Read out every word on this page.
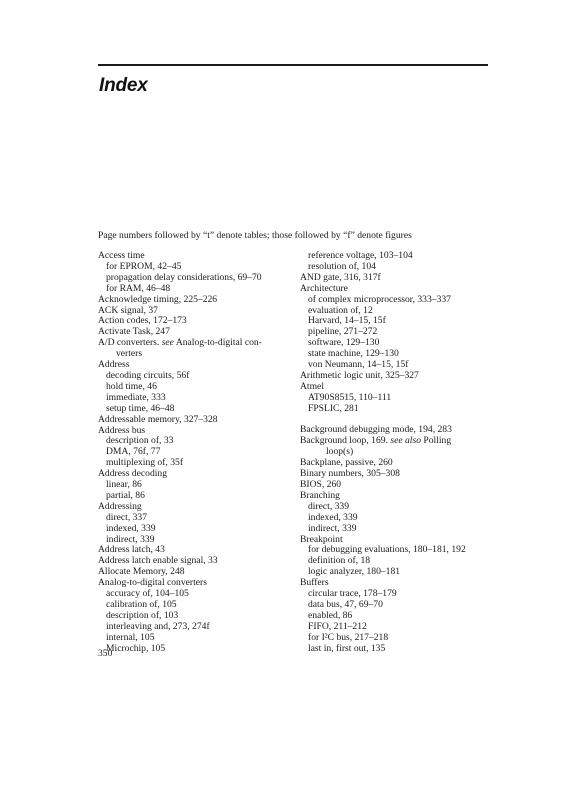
Index
Page numbers followed by “t” denote tables; those followed by “f” denote figures
Access time
for EPROM, 42–45
propagation delay considerations, 69–70
for RAM, 46–48
Acknowledge timing, 225–226
ACK signal, 37
Action codes, 172–173
Activate Task, 247
A/D converters. see Analog-to-digital con-
verters
Address
decoding circuits, 56f
hold time, 46
immediate, 333
setup time, 46–48
Addressable memory, 327–328
Address bus
description of, 33
DMA, 76f, 77
multiplexing of, 35f
Address decoding
linear, 86
partial, 86
Addressing
direct, 337
indexed, 339
indirect, 339
Address latch, 43
Address latch enable signal, 33
Allocate Memory, 248
Analog-to-digital converters
accuracy of, 104–105
calibration of, 105
description of, 103
interleaving and, 273, 274f
internal, 105
Microchip, 105
reference voltage, 103–104
resolution of, 104
AND gate, 316, 317f
Architecture
of complex microprocessor, 333–337
evaluation of, 12
Harvard, 14–15, 15f
pipeline, 271–272
software, 129–130
state machine, 129–130
von Neumann, 14–15, 15f
Arithmetic logic unit, 325–327
Atmel
AT90S8515, 110–111
FPSLIC, 281
Background debugging mode, 194, 283
Background loop, 169. see also Polling
loop(s)
Backplane, passive, 260
Binary numbers, 305–308
BIOS, 260
Branching
direct, 339
indexed, 339
indirect, 339
Breakpoint
for debugging evaluations, 180–181, 192
definition of, 18
logic analyzer, 180–181
Buffers
circular trace, 178–179
data bus, 47, 69–70
enabled, 86
FIFO, 211–212
for I²C bus, 217–218
last in, first out, 135
350
